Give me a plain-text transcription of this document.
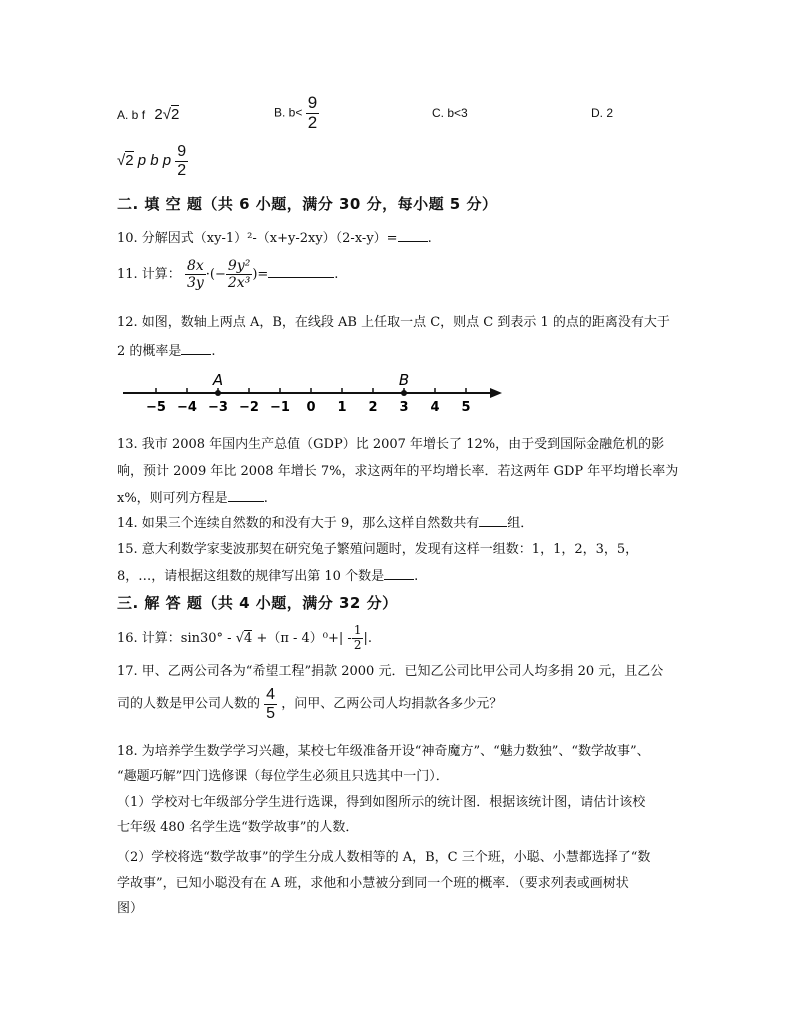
A. b f 2√2	B. $b< \frac{9}{2}$	C. b<3	D. 2
√2 p b p $\frac{9}{2}$
二. 填 空 题（共 6 小题，满分 30 分，每小题 5 分）
10. 分解因式（xy-1）²-（x+y-2xy）（2-x-y）= .
11. 计算： $\frac{8x}{3y}$ ·(− $\frac{\text{9y²}}{\text{2x³}}$ )=	.
12. 如图，数轴上两点 A，B，在线段 AB 上任取一点 C，则点 C 到表示 1 的点的距离没有大于
2 的概率是 .
−5 −4 −3 −2 −1 0 1 2 3 4 5
A	B
13. 我市 2008 年国内生产总值（GDP）比 2007 年增长了 12%，由于受到国际金融危机的影
响，预计 2009 年比 2008 年增长 7%，求这两年的平均增长率．若这两年 GDP 年平均增长率为
x%，则可列方程是	.
14. 如果三个连续自然数的和没有大于 9，那么这样自然数共有 组．
15. 意大利数学家斐波那契在研究兔子繁殖问题时，发现有这样一组数：1，1，2，3，5，
8，…，请根据这组数的规律写出第 10 个数是 .
三. 解 答 题（共 4 小题，满分 32 分）
16. 计算：$\sin 30^\circ - √4 +(\pi - 4)^0+| - \frac{1}{2}$ |.
17. 甲、乙两公司各为“希望工程”捐款 2000 元．已知乙公司比甲公司人均多捐 20 元，且乙公
司的人数是甲公司人数的 $\frac{4}{5}$ ，问甲、乙两公司人均捐款各多少元？
18. 为培养学生数学学习兴趣，某校七年级准备开设“神奇魔方”、“魅力数独”、“数学故事”、
“趣题巧解”四门选修课（每位学生必须且只选其中一门）．
（1）学校对七年级部分学生进行选课，得到如图所示的统计图．根据该统计图，请估计该校
七年级 480 名学生选“数学故事”的人数．
（2）学校将选“数学故事”的学生分成人数相等的 A，B，C 三个班，小聪、小慧都选择了“数
学故事”，已知小聪没有在 A 班，求他和小慧被分到同一个班的概率．（要求列表或画树状
图）
